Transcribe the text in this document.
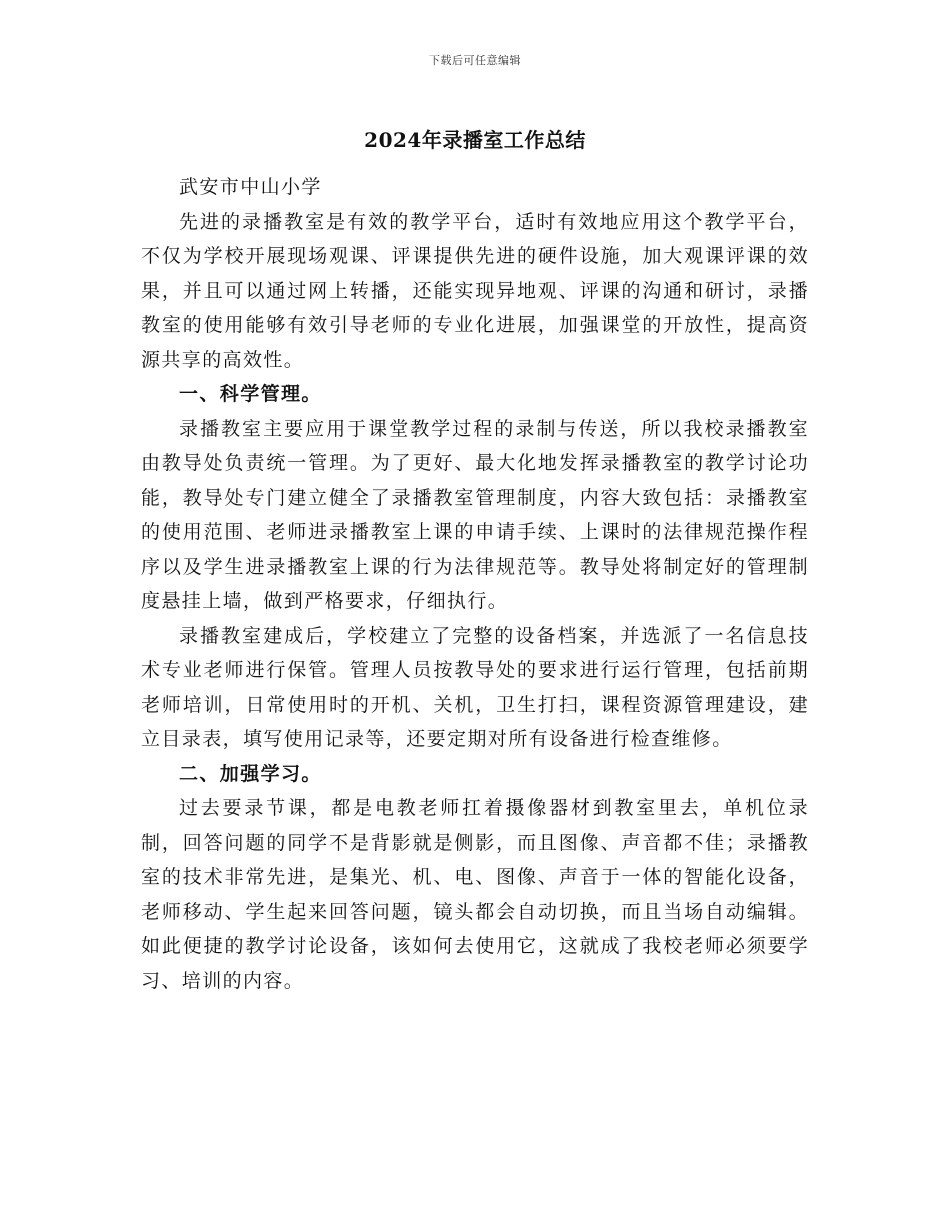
下载后可任意编辑
2024年录播室工作总结

武安市中山小学

先进的录播教室是有效的教学平台，适时有效地应用这个教学平台，不仅为学校开展现场观课、评课提供先进的硬件设施，加大观课评课的效果，并且可以通过网上转播，还能实现异地观、评课的沟通和研讨，录播教室的使用能够有效引导老师的专业化进展，加强课堂的开放性，提高资源共享的高效性。

一、科学管理。

录播教室主要应用于课堂教学过程的录制与传送，所以我校录播教室由教导处负责统一管理。为了更好、最大化地发挥录播教室的教学讨论功能，教导处专门建立健全了录播教室管理制度，内容大致包括：录播教室的使用范围、老师进录播教室上课的申请手续、上课时的法律规范操作程序以及学生进录播教室上课的行为法律规范等。教导处将制定好的管理制度悬挂上墙，做到严格要求，仔细执行。

录播教室建成后，学校建立了完整的设备档案，并选派了一名信息技术专业老师进行保管。管理人员按教导处的要求进行运行管理，包括前期老师培训，日常使用时的开机、关机，卫生打扫，课程资源管理建设，建立目录表，填写使用记录等，还要定期对所有设备进行检查维修。

二、加强学习。

过去要录节课，都是电教老师扛着摄像器材到教室里去，单机位录制，回答问题的同学不是背影就是侧影，而且图像、声音都不佳；录播教室的技术非常先进，是集光、机、电、图像、声音于一体的智能化设备，老师移动、学生起来回答问题，镜头都会自动切换，而且当场自动编辑。如此便捷的教学讨论设备，该如何去使用它，这就成了我校老师必须要学习、培训的内容。
